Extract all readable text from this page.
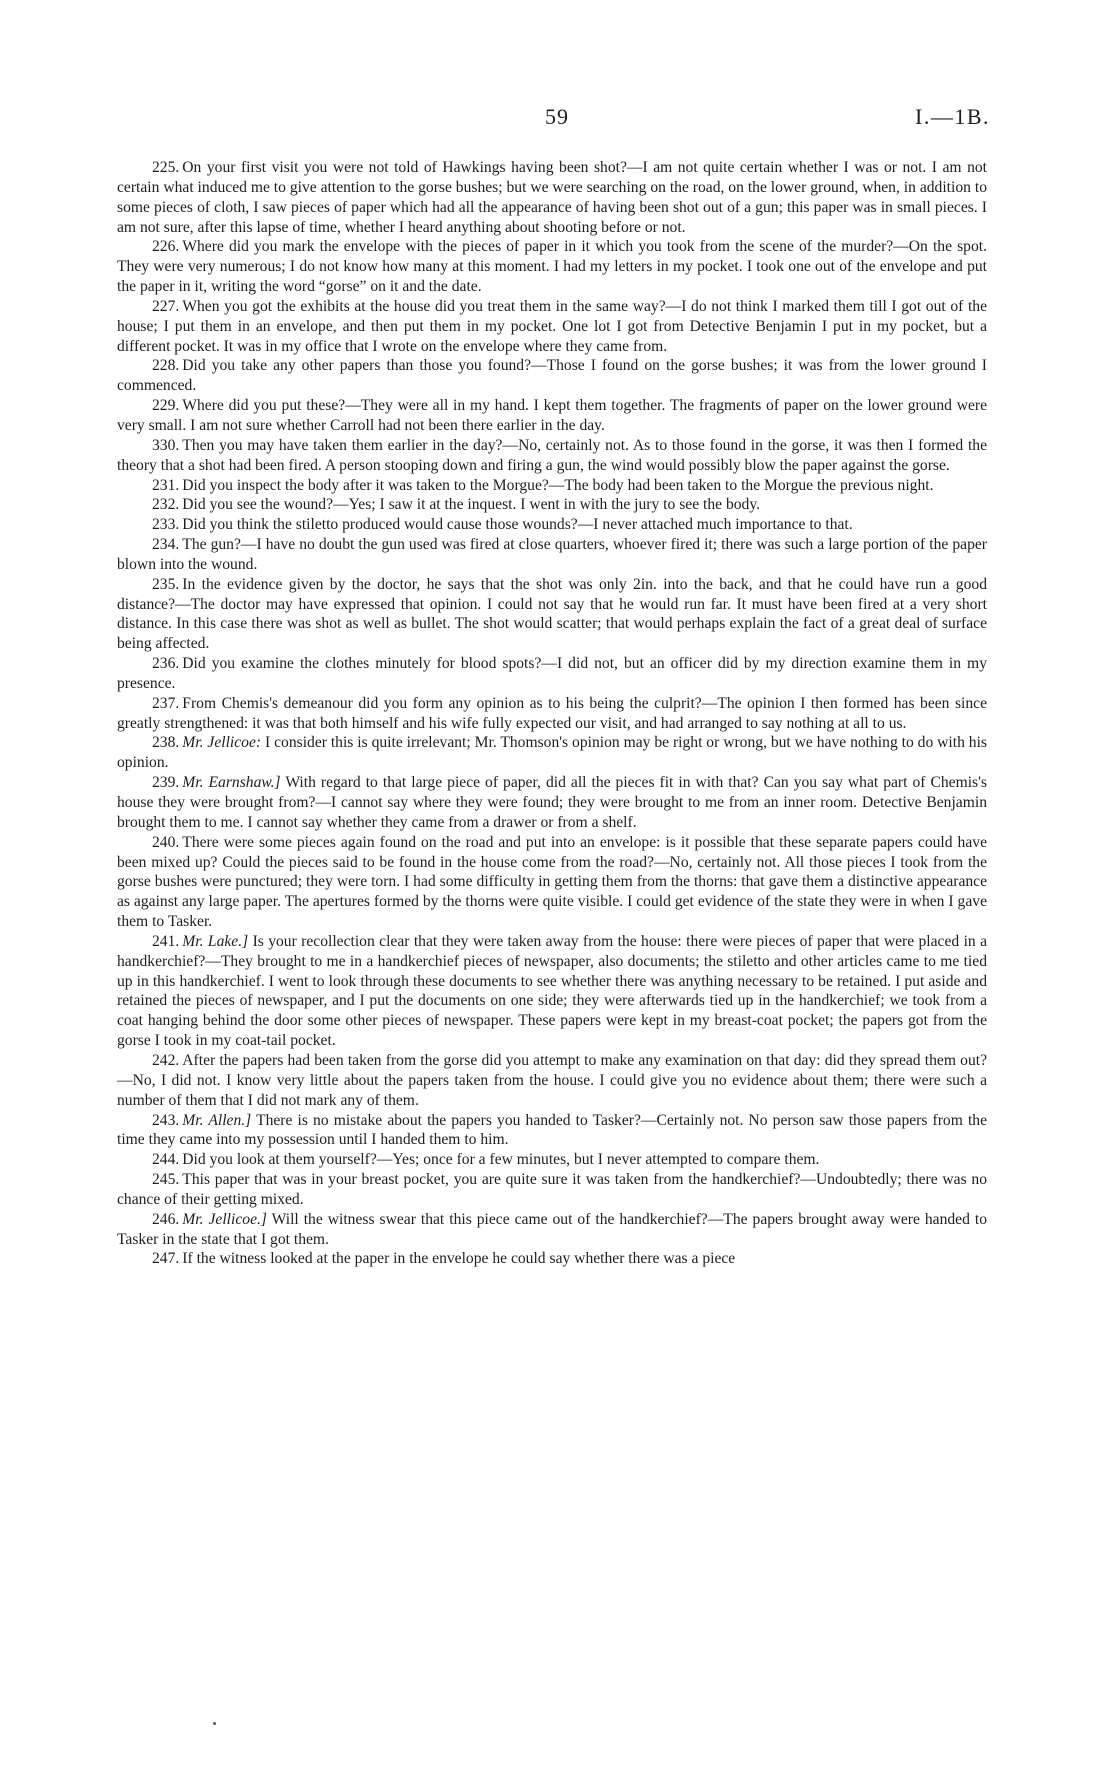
59	I.—1B.

225. On your first visit you were not told of Hawkings having been shot?—I am not quite certain whether I was or not. I am not certain what induced me to give attention to the gorse bushes; but we were searching on the road, on the lower ground, when, in addition to some pieces of cloth, I saw pieces of paper which had all the appearance of having been shot out of a gun; this paper was in small pieces. I am not sure, after this lapse of time, whether I heard anything about shooting before or not.

226. Where did you mark the envelope with the pieces of paper in it which you took from the scene of the murder?—On the spot. They were very numerous; I do not know how many at this moment. I had my letters in my pocket. I took one out of the envelope and put the paper in it, writing the word “gorse” on it and the date.

227. When you got the exhibits at the house did you treat them in the same way?—I do not think I marked them till I got out of the house; I put them in an envelope, and then put them in my pocket. One lot I got from Detective Benjamin I put in my pocket, but a different pocket. It was in my office that I wrote on the envelope where they came from.

228. Did you take any other papers than those you found?—Those I found on the gorse bushes; it was from the lower ground I commenced.

229. Where did you put these?—They were all in my hand. I kept them together. The fragments of paper on the lower ground were very small. I am not sure whether Carroll had not been there earlier in the day.

330. Then you may have taken them earlier in the day?—No, certainly not. As to those found in the gorse, it was then I formed the theory that a shot had been fired. A person stooping down and firing a gun, the wind would possibly blow the paper against the gorse.

231. Did you inspect the body after it was taken to the Morgue?—The body had been taken to the Morgue the previous night.

232. Did you see the wound?—Yes; I saw it at the inquest. I went in with the jury to see the body.

233. Did you think the stiletto produced would cause those wounds?—I never attached much importance to that.

234. The gun?—I have no doubt the gun used was fired at close quarters, whoever fired it; there was such a large portion of the paper blown into the wound.

235. In the evidence given by the doctor, he says that the shot was only 2in. into the back, and that he could have run a good distance?—The doctor may have expressed that opinion. I could not say that he would run far. It must have been fired at a very short distance. In this case there was shot as well as bullet. The shot would scatter; that would perhaps explain the fact of a great deal of surface being affected.

236. Did you examine the clothes minutely for blood spots?—I did not, but an officer did by my direction examine them in my presence.

237. From Chemis's demeanour did you form any opinion as to his being the culprit?—The opinion I then formed has been since greatly strengthened: it was that both himself and his wife fully expected our visit, and had arranged to say nothing at all to us.

238. Mr. Jellicoe: I consider this is quite irrelevant; Mr. Thomson's opinion may be right or wrong, but we have nothing to do with his opinion.

239. Mr. Earnshaw.] With regard to that large piece of paper, did all the pieces fit in with that? Can you say what part of Chemis's house they were brought from?—I cannot say where they were found; they were brought to me from an inner room. Detective Benjamin brought them to me. I cannot say whether they came from a drawer or from a shelf.

240. There were some pieces again found on the road and put into an envelope: is it possible that these separate papers could have been mixed up? Could the pieces said to be found in the house come from the road?—No, certainly not. All those pieces I took from the gorse bushes were punctured; they were torn. I had some difficulty in getting them from the thorns: that gave them a distinctive appearance as against any large paper. The apertures formed by the thorns were quite visible. I could get evidence of the state they were in when I gave them to Tasker.

241. Mr. Lake.] Is your recollection clear that they were taken away from the house: there were pieces of paper that were placed in a handkerchief?—They brought to me in a handkerchief pieces of newspaper, also documents; the stiletto and other articles came to me tied up in this handkerchief. I went to look through these documents to see whether there was anything necessary to be retained. I put aside and retained the pieces of newspaper, and I put the documents on one side; they were afterwards tied up in the handkerchief; we took from a coat hanging behind the door some other pieces of newspaper. These papers were kept in my breast-coat pocket; the papers got from the gorse I took in my coat-tail pocket.

242. After the papers had been taken from the gorse did you attempt to make any examination on that day: did they spread them out?—No, I did not. I know very little about the papers taken from the house. I could give you no evidence about them; there were such a number of them that I did not mark any of them.

243. Mr. Allen.] There is no mistake about the papers you handed to Tasker?—Certainly not. No person saw those papers from the time they came into my possession until I handed them to him.

244. Did you look at them yourself?—Yes; once for a few minutes, but I never attempted to compare them.

245. This paper that was in your breast pocket, you are quite sure it was taken from the handkerchief?—Undoubtedly; there was no chance of their getting mixed.

246. Mr. Jellicoe.] Will the witness swear that this piece came out of the handkerchief?—The papers brought away were handed to Tasker in the state that I got them.

247. If the witness looked at the paper in the envelope he could say whether there was a piece
